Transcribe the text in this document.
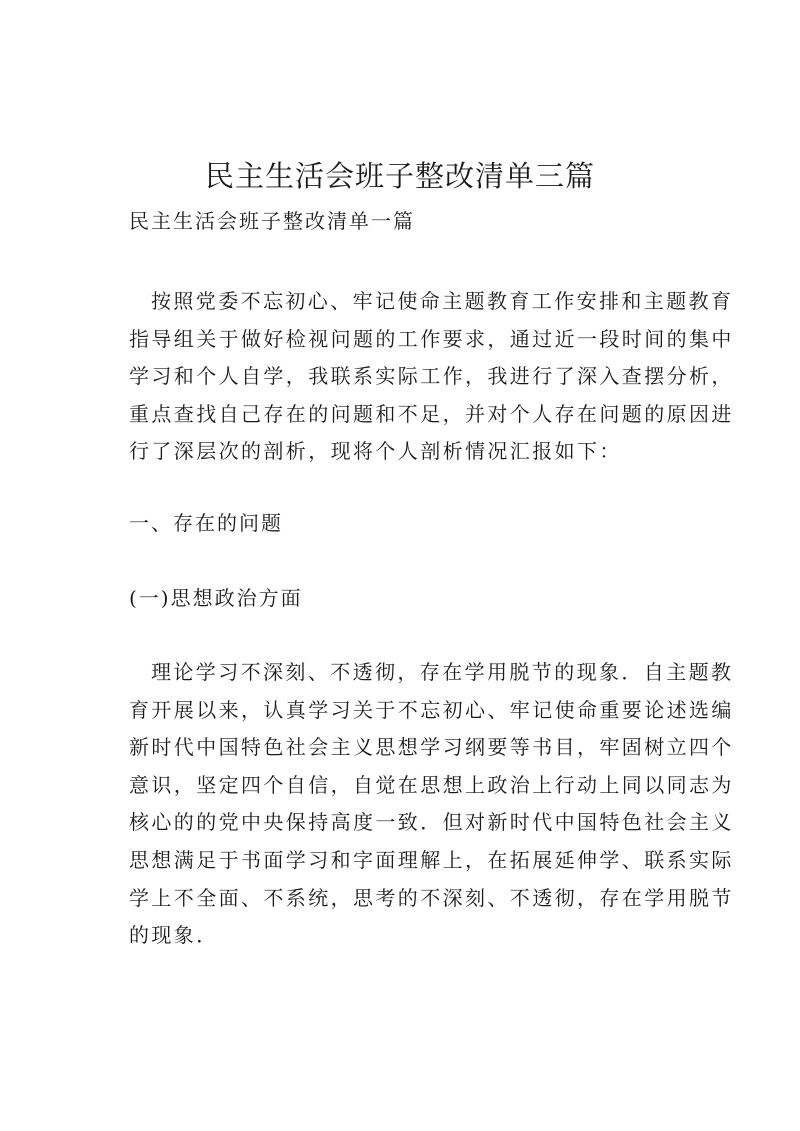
民主生活会班子整改清单三篇

民主生活会班子整改清单一篇

按照党委不忘初心、牢记使命主题教育工作安排和主题教育
指导组关于做好检视问题的工作要求，通过近一段时间的集中
学习和个人自学，我联系实际工作，我进行了深入查摆分析，
重点查找自己存在的问题和不足，并对个人存在问题的原因进
行了深层次的剖析，现将个人剖析情况汇报如下：

一、存在的问题

(一)思想政治方面

理论学习不深刻、不透彻，存在学用脱节的现象．自主题教
育开展以来，认真学习关于不忘初心、牢记使命重要论述选编
新时代中国特色社会主义思想学习纲要等书目，牢固树立四个
意识，坚定四个自信，自觉在思想上政治上行动上同以同志为
核心的的党中央保持高度一致．但对新时代中国特色社会主义
思想满足于书面学习和字面理解上，在拓展延伸学、联系实际
学上不全面、不系统，思考的不深刻、不透彻，存在学用脱节
的现象．
